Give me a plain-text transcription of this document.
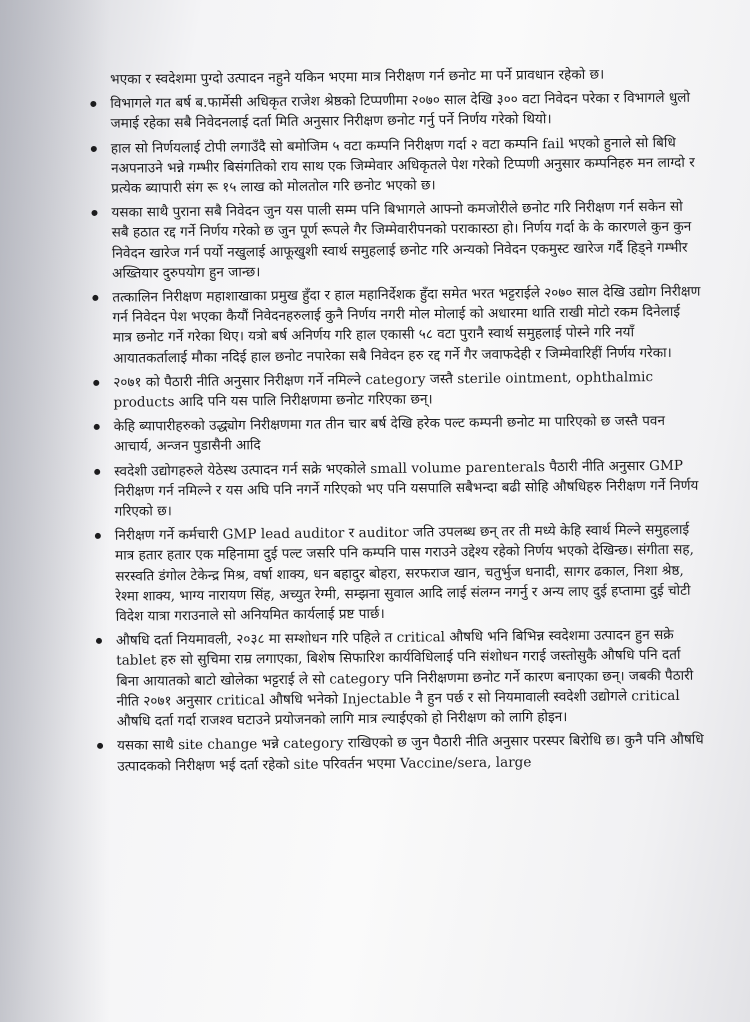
भएका र स्वदेशमा पुग्दो उत्पादन नहुने यकिन भएमा मात्र निरीक्षण गर्न छनोट मा पर्ने प्रावधान रहेको छ।
विभागले गत बर्ष ब.फार्मेसी अधिकृत राजेश श्रेष्ठको टिप्पणीमा २०७० साल देखि ३०० वटा निवेदन परेका र विभागले धुलो जमाई रहेका सबै निवेदनलाई दर्ता मिति अनुसार निरीक्षण छनोट गर्नु पर्ने निर्णय गरेको थियो।
हाल सो निर्णयलाई टोपी लगाउँदै सो बमोजिम ५ वटा कम्पनि निरीक्षण गर्दा २ वटा कम्पनि fail भएको हुनाले सो बिधि नअपनाउने भन्ने गम्भीर बिसंगतिको राय साथ एक जिम्मेवार अधिकृतले पेश गरेको टिप्पणी अनुसार कम्पनिहरु मन लाग्दो र प्रत्येक ब्यापारी संग रू १५ लाख को मोलतोल गरि छनोट भएको छ।
यसका साथै पुराना सबै निवेदन जुन यस पाली सम्म पनि बिभागले आफ्नो कमजोरीले छनोट गरि निरीक्षण गर्न सकेन सो सबै हठात रद्द गर्ने निर्णय गरेको छ जुन पूर्ण रूपले गैर जिम्मेवारीपनको पराकास्ठा हो। निर्णय गर्दा के के कारणले कुन कुन निवेदन खारेज गर्न पर्यो नखुलाई आफूखुशी स्वार्थ समुहलाई छनोट गरि अन्यको निवेदन एकमुस्ट खारेज गर्दै हिड्ने गम्भीर अख्तियार दुरुपयोग हुन जान्छ।
तत्कालिन निरीक्षण महाशाखाका प्रमुख हुँदा र हाल महानिर्देशक हुँदा समेत भरत भट्टराईले २०७० साल देखि उद्योग निरीक्षण गर्न निवेदन पेश भएका कैयौं निवेदनहरुलाई कुनै निर्णय नगरी मोल मोलाई को अधारमा थाति राखी मोटो रकम दिनेलाई मात्र छनोट गर्ने गरेका थिए। यत्रो बर्ष अनिर्णय गरि हाल एकासी ५८ वटा पुरानै स्वार्थ समुहलाई पोस्ने गरि नयाँ आयातकर्तालाई मौका नदिई हाल छनोट नपारेका सबै निवेदन हरु रद्द गर्ने गैर जवाफदेही र जिम्मेवारिहीं निर्णय गरेका।
२०७१ को पैठारी नीति अनुसार निरीक्षण गर्ने नमिल्ने category जस्तै sterile ointment, ophthalmic products आदि पनि यस पालि निरीक्षणमा छनोट गरिएका छन्।
केहि ब्यापारीहरुको उद्ध्योग निरीक्षणमा गत तीन चार बर्ष देखि हरेक पल्ट कम्पनी छनोट मा पारिएको छ जस्तै पवन आचार्य, अन्जन पुडासैनी आदि
स्वदेशी उद्योगहरुले येठेस्थ उत्पादन गर्न सक्रे भएकोले small volume parenterals पैठारी नीति अनुसार GMP निरीक्षण गर्न नमिल्ने र यस अघि पनि नगर्ने गरिएको भए पनि यसपालि सबैभन्दा बढी सोहि औषधिहरु निरीक्षण गर्ने निर्णय गरिएको छ।
निरीक्षण गर्ने कर्मचारी GMP lead auditor र auditor जति उपलब्ध छन् तर ती मध्ये केहि स्वार्थ मिल्ने समुहलाई मात्र हतार हतार एक महिनामा दुई पल्ट जसरि पनि कम्पनि पास गराउने उद्देश्य रहेको निर्णय भएको देखिन्छ। संगीता सह, सरस्वति डंगोल टेकेन्द्र मिश्र, वर्षा शाक्य, धन बहादुर बोहरा, सरफराज खान, चतुर्भुज धनादी, सागर ढकाल, निशा श्रेष्ठ, रेश्मा शाक्य, भाग्य नारायण सिंह, अच्युत रेग्मी, सम्झना सुवाल आदि लाई संलग्न नगर्नु र अन्य लाए दुई हप्तामा दुई चोटी विदेश यात्रा गराउनाले सो अनियमित कार्यलाई प्रष्ट पार्छ।
औषधि दर्ता नियमावली, २०३८ मा सम्शोधन गरि पहिले त critical औषधि भनि बिभिन्न स्वदेशमा उत्पादन हुन सक्रे tablet हरु सो सुचिमा राम्र लगाएका, बिशेष सिफारिश कार्यविधिलाई पनि संशोधन गराई जस्तोसुकै औषधि पनि दर्ता बिना आयातको बाटो खोलेका भट्टराई ले सो category पनि निरीक्षणमा छनोट गर्ने कारण बनाएका छन्। जबकी पैठारी नीति २०७१ अनुसार critical औषधि भनेको Injectable नै हुन पर्छ र सो नियमावाली स्वदेशी उद्योगले critical औषधि दर्ता गर्दा राजश्व घटाउने प्रयोजनको लागि मात्र ल्याईएको हो निरीक्षण को लागि होइन।
यसका साथै site change भन्ने category राखिएको छ जुन पैठारी नीति अनुसार परस्पर बिरोधि छ। कुनै पनि औषधि उत्पादकको निरीक्षण भई दर्ता रहेको site परिवर्तन भएमा Vaccine/sera, large
